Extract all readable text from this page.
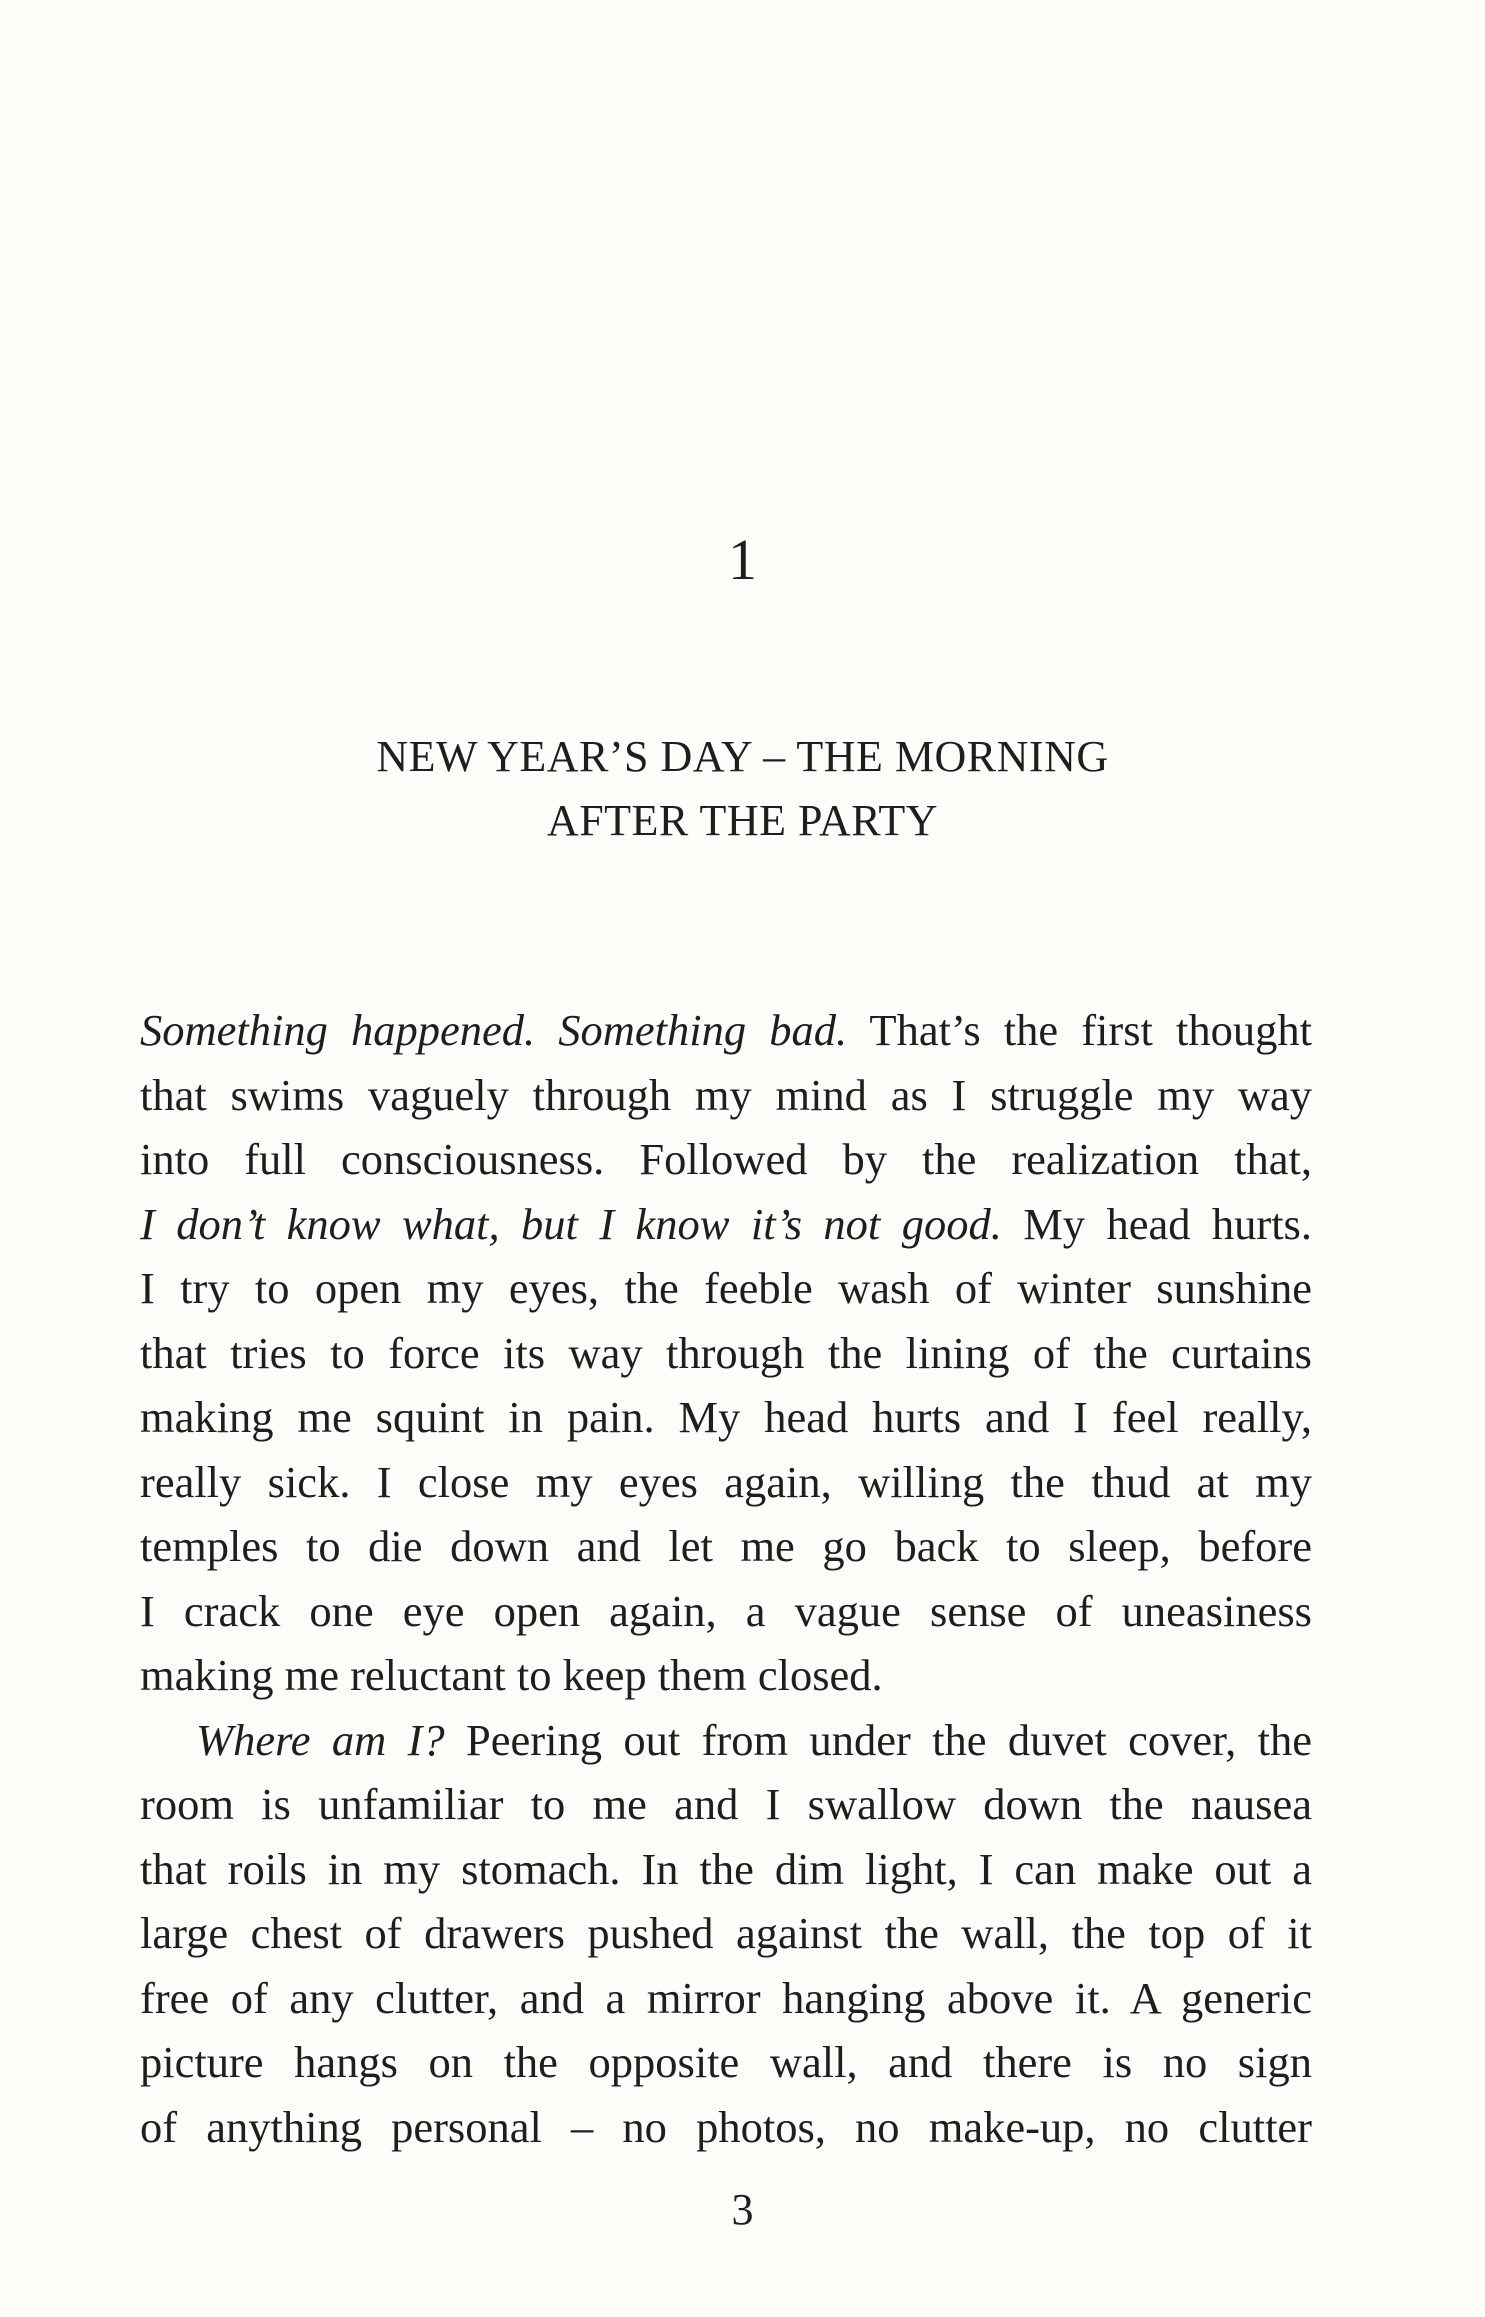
1
NEW YEAR’S DAY – THE MORNING
AFTER THE PARTY
Something happened. Something bad. That’s the first thought
that swims vaguely through my mind as I struggle my way
into full consciousness. Followed by the realization that,
I don’t know what, but I know it’s not good. My head hurts.
I try to open my eyes, the feeble wash of winter sunshine
that tries to force its way through the lining of the curtains
making me squint in pain. My head hurts and I feel really,
really sick. I close my eyes again, willing the thud at my
temples to die down and let me go back to sleep, before
I crack one eye open again, a vague sense of uneasiness
making me reluctant to keep them closed.
Where am I? Peering out from under the duvet cover, the
room is unfamiliar to me and I swallow down the nausea
that roils in my stomach. In the dim light, I can make out a
large chest of drawers pushed against the wall, the top of it
free of any clutter, and a mirror hanging above it. A generic
picture hangs on the opposite wall, and there is no sign
of anything personal – no photos, no make-up, no clutter
3
